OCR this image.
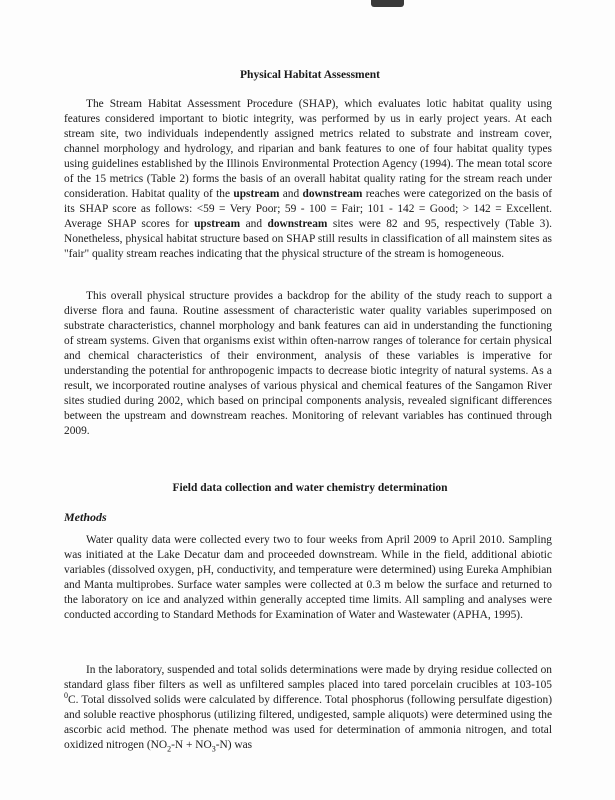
Physical Habitat Assessment

The Stream Habitat Assessment Procedure (SHAP), which evaluates lotic habitat quality using features considered important to biotic integrity, was performed by us in early project years. At each stream site, two individuals independently assigned metrics related to substrate and instream cover, channel morphology and hydrology, and riparian and bank features to one of four habitat quality types using guidelines established by the Illinois Environmental Protection Agency (1994). The mean total score of the 15 metrics (Table 2) forms the basis of an overall habitat quality rating for the stream reach under consideration. Habitat quality of the upstream and downstream reaches were categorized on the basis of its SHAP score as follows: <59 = Very Poor; 59 - 100 = Fair; 101 - 142 = Good; > 142 = Excellent. Average SHAP scores for upstream and downstream sites were 82 and 95, respectively (Table 3). Nonetheless, physical habitat structure based on SHAP still results in classification of all mainstem sites as "fair" quality stream reaches indicating that the physical structure of the stream is homogeneous.

This overall physical structure provides a backdrop for the ability of the study reach to support a diverse flora and fauna. Routine assessment of characteristic water quality variables superimposed on substrate characteristics, channel morphology and bank features can aid in understanding the functioning of stream systems. Given that organisms exist within often-narrow ranges of tolerance for certain physical and chemical characteristics of their environment, analysis of these variables is imperative for understanding the potential for anthropogenic impacts to decrease biotic integrity of natural systems. As a result, we incorporated routine analyses of various physical and chemical features of the Sangamon River sites studied during 2002, which based on principal components analysis, revealed significant differences between the upstream and downstream reaches. Monitoring of relevant variables has continued through 2009.

Field data collection and water chemistry determination
Methods

Water quality data were collected every two to four weeks from April 2009 to April 2010. Sampling was initiated at the Lake Decatur dam and proceeded downstream. While in the field, additional abiotic variables (dissolved oxygen, pH, conductivity, and temperature were determined) using Eureka Amphibian and Manta multiprobes. Surface water samples were collected at 0.3 m below the surface and returned to the laboratory on ice and analyzed within generally accepted time limits. All sampling and analyses were conducted according to Standard Methods for Examination of Water and Wastewater (APHA, 1995).

In the laboratory, suspended and total solids determinations were made by drying residue collected on standard glass fiber filters as well as unfiltered samples placed into tared porcelain crucibles at 103-105 $^0$C. Total dissolved solids were calculated by difference. Total phosphorus (following persulfate digestion) and soluble reactive phosphorus (utilizing filtered, undigested, sample aliquots) were determined using the ascorbic acid method. The phenate method was used for determination of ammonia nitrogen, and total oxidized nitrogen $(NO_2-N + NO_3-N)$ was
